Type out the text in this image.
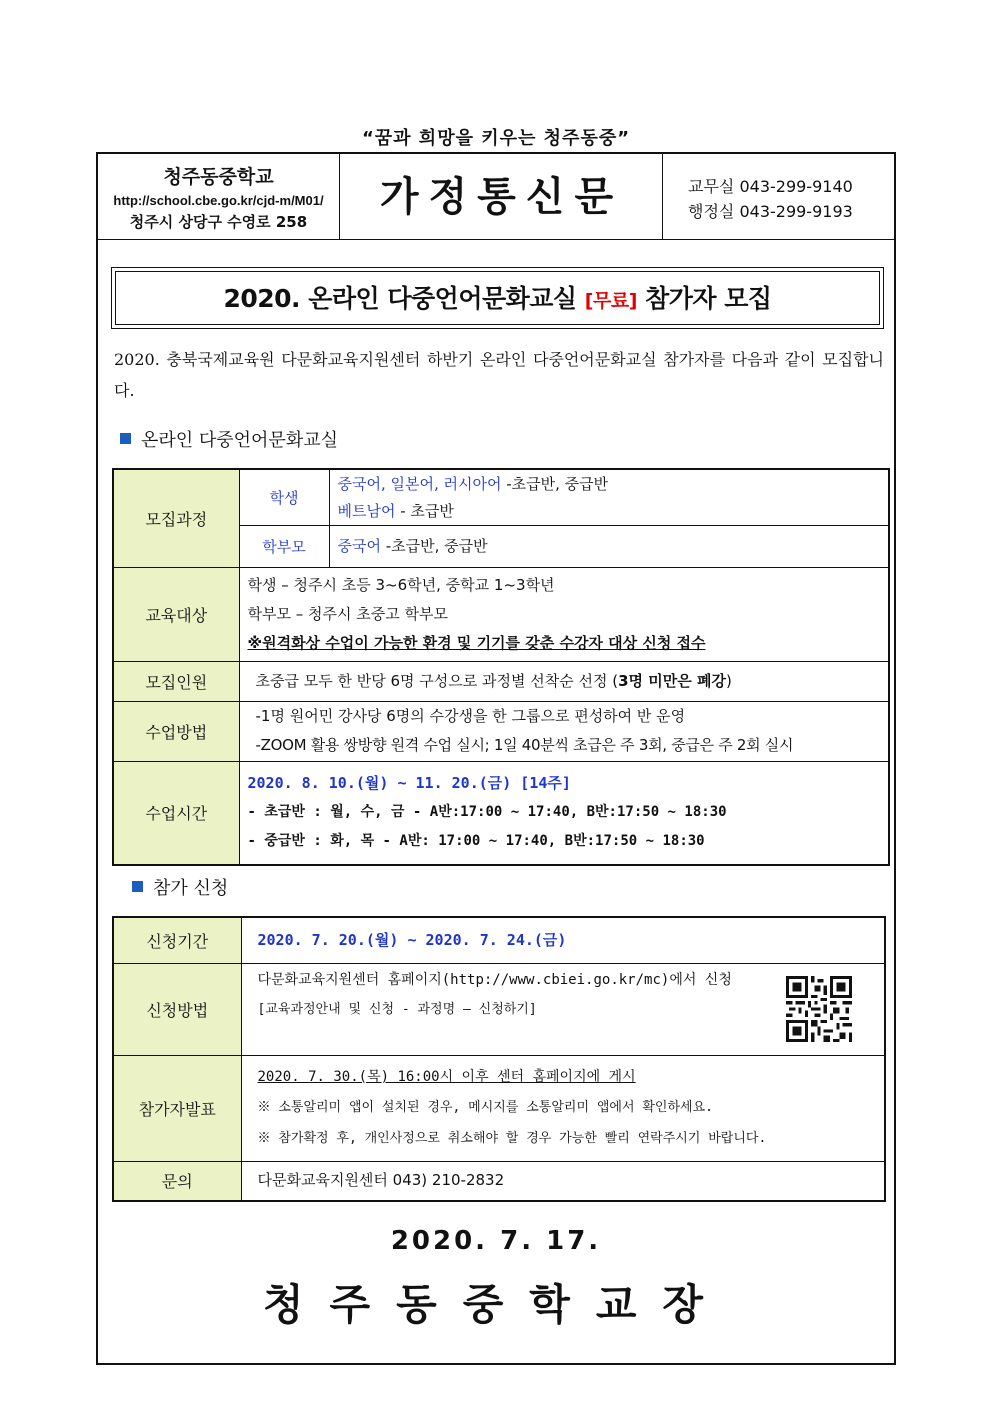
“꿈과 희망을 키우는 청주동중”
청주동중학교
http://school.cbe.go.kr/cjd-m/M01/
청주시 상당구 수영로 258
가정통신문	교무실 043-299-9140
행정실 043-299-9193
2020. 온라인 다중언어문화교실 [무료] 참가자 모집
2020. 충북국제교육원 다문화교육지원센터 하반기 온라인 다중언어문화교실 참가자를 다음과 같이 모집합니다.
온라인 다중언어문화교실
모집과정	학생	중국어, 일본어, 러시아어 -초급반, 중급반
베트남어 - 초급반

	학부모	중국어 -초급반, 중급반

교육대상	학생 – 청주시 초등 3~6학년, 중학교 1~3학년
학부모 – 청주시 초중고 학부모
※원격화상 수업이 가능한 환경 및 기기를 갖춘 수강자 대상 신청 접수	

모집인원	초중급 모두 한 반당 6명 구성으로 과정별 선착순 선정 (3명 미만은 폐강)	

수업방법	-1명 원어민 강사당 6명의 수강생을 한 그룹으로 편성하여 반 운영
-ZOOM 활용 쌍방향 원격 수업 실시; 1일 40분씩 초급은 주 3회, 중급은 주 2회 실시	

수업시간	2020. 8. 10.(월) ~ 11. 20.(금) [14주]
- 초급반 : 월, 수, 금 - A반:17:00 ~ 17:40, B반:17:50 ~ 18:30
- 중급반 : 화, 목 - A반: 17:00 ~ 17:40, B반:17:50 ~ 18:30	
참가 신청
신청기간	2020. 7. 20.(월) ~ 2020. 7. 24.(금)

신청방법	다문화교육지원센터 홈페이지(http://www.cbiei.go.kr/mc)에서 신청
[교육과정안내 및 신청 - 과정명 – 신청하기]

참가자발표	2020. 7. 30.(목) 16:00시 이후 센터 홈페이지에 게시
※ 소통알리미 앱이 설치된 경우, 메시지를 소통알리미 앱에서 확인하세요.
※ 참가확정 후, 개인사정으로 취소해야 할 경우 가능한 빨리 연락주시기 바랍니다.

문의	다문화교육지원센터 043) 210-2832
2020. 7. 17.
청주동중학교장
